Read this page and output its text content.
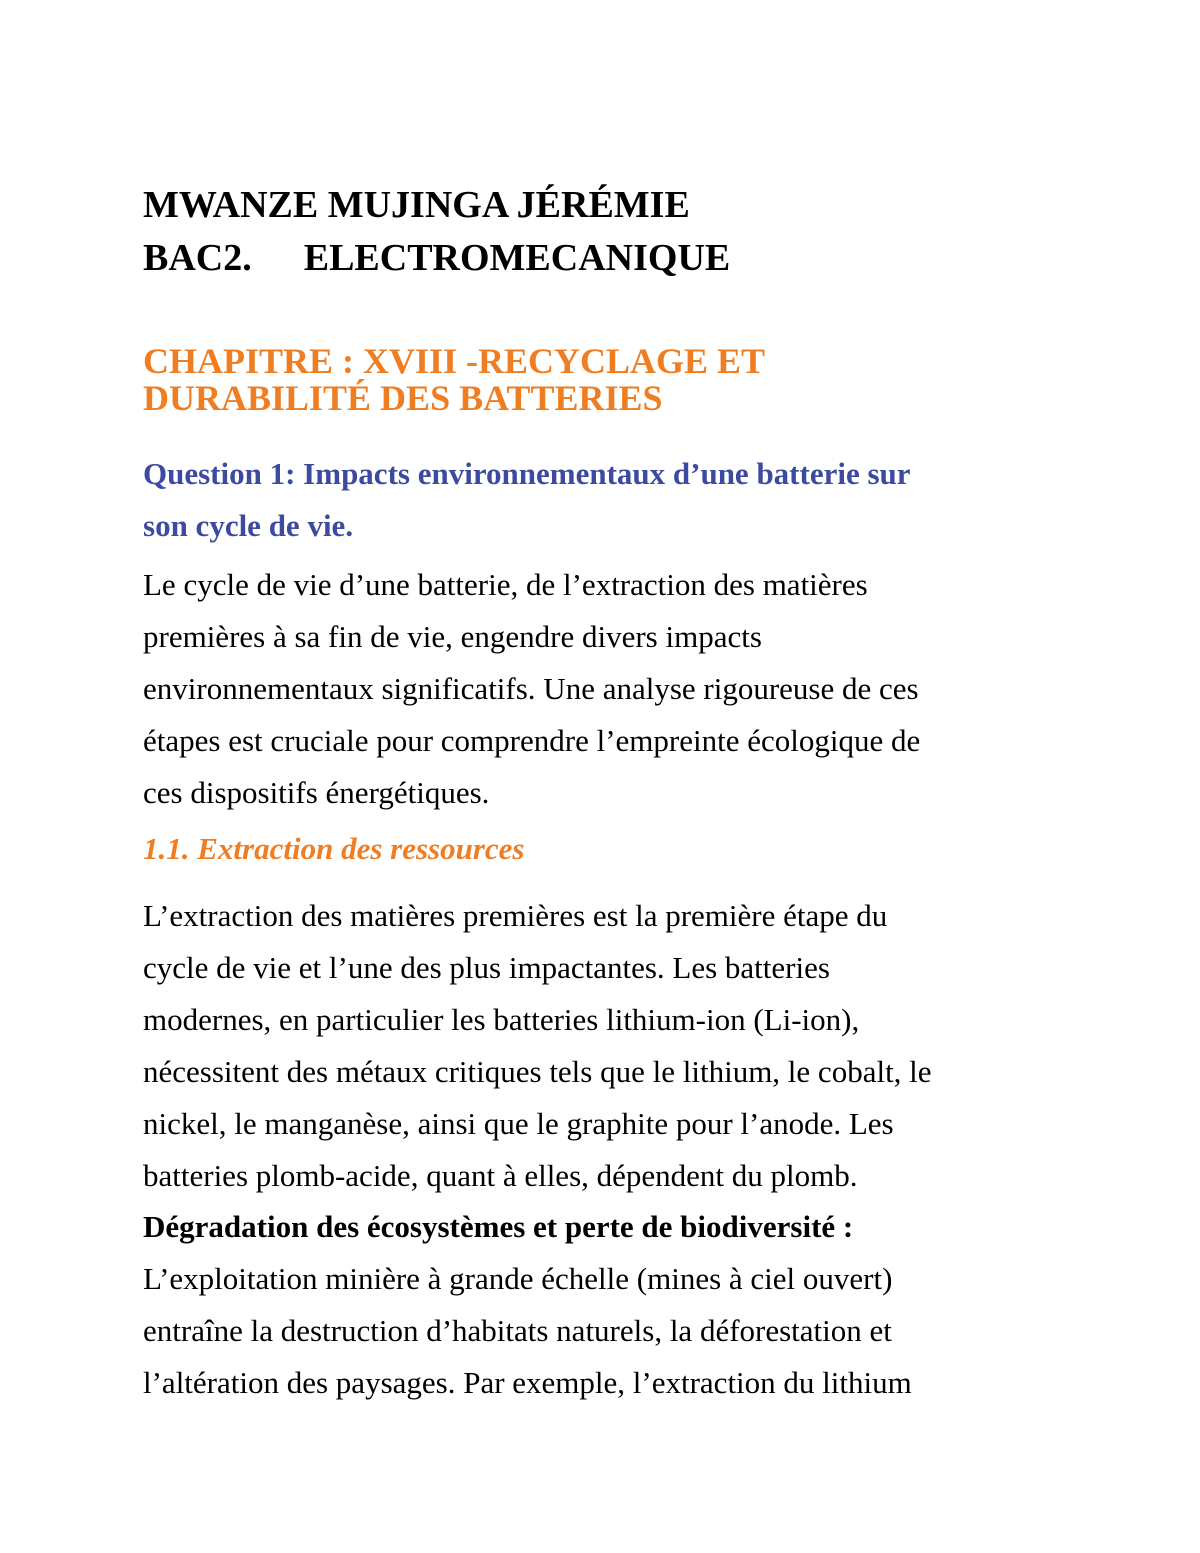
MWANZE MUJINGA JÉRÉMIE
BAC2. ELECTROMECANIQUE
CHAPITRE : XVIII -RECYCLAGE ET
DURABILITÉ DES BATTERIES
Question 1: Impacts environnementaux d’une batterie sur
son cycle de vie.
Le cycle de vie d’une batterie, de l’extraction des matières
premières à sa fin de vie, engendre divers impacts
environnementaux significatifs. Une analyse rigoureuse de ces
étapes est cruciale pour comprendre l’empreinte écologique de
ces dispositifs énergétiques.
1.1. Extraction des ressources
L’extraction des matières premières est la première étape du
cycle de vie et l’une des plus impactantes. Les batteries
modernes, en particulier les batteries lithium-ion (Li-ion),
nécessitent des métaux critiques tels que le lithium, le cobalt, le
nickel, le manganèse, ainsi que le graphite pour l’anode. Les
batteries plomb-acide, quant à elles, dépendent du plomb.
Dégradation des écosystèmes et perte de biodiversité :
L’exploitation minière à grande échelle (mines à ciel ouvert)
entraîne la destruction d’habitats naturels, la déforestation et
l’altération des paysages. Par exemple, l’extraction du lithium
